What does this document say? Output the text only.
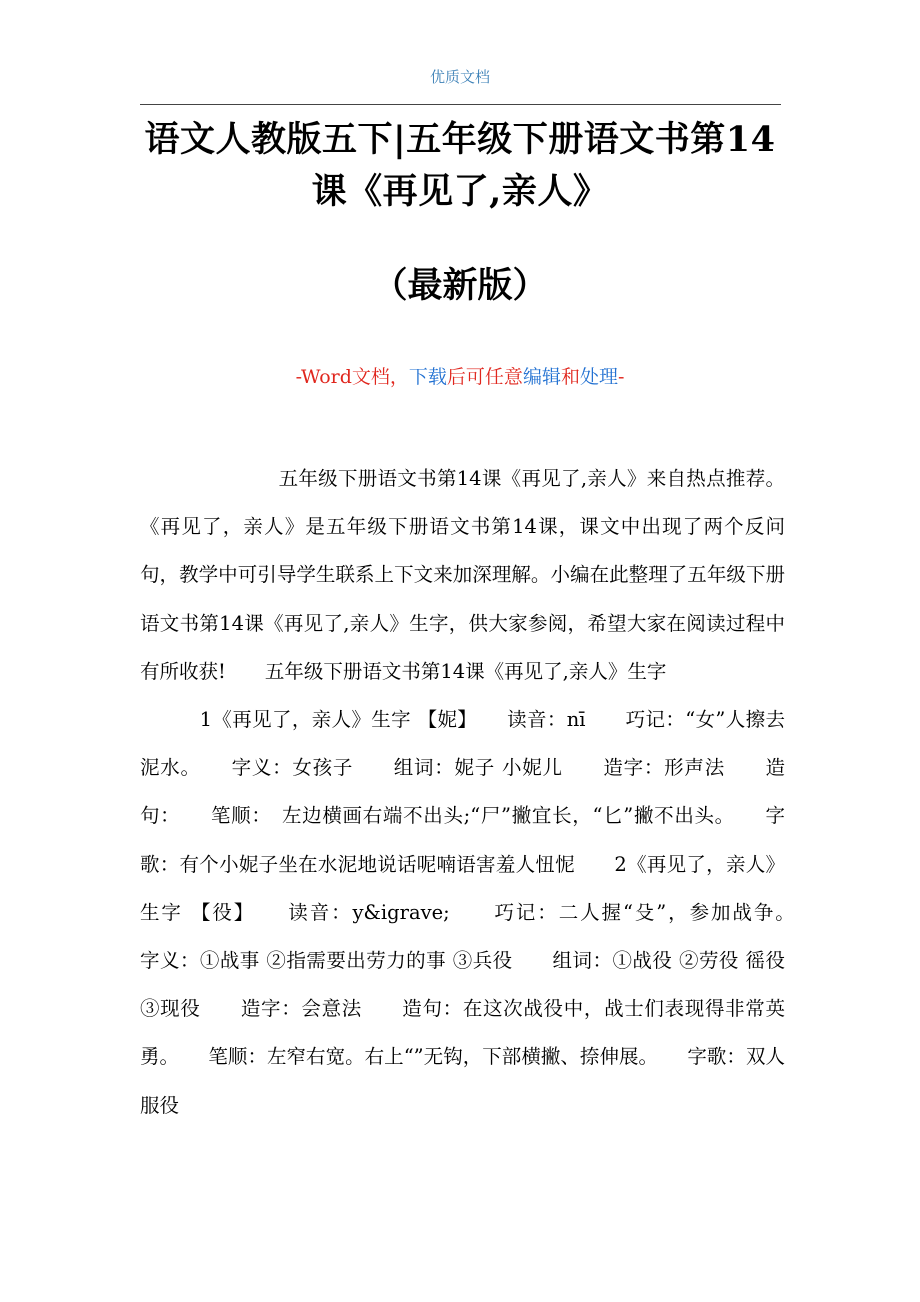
优质文档
语文人教版五下|五年级下册语文书第14
课《再见了,亲人》
（最新版）
-Word文档，下载后可任意编辑和处理-

　　　　　　　五年级下册语文书第14课《再见了,亲人》来自热点推荐。《再见了，亲人》是五年级下册语文书第14课，课文中出现了两个反问句，教学中可引导学生联系上下文来加深理解。小编在此整理了五年级下册语文书第14课《再见了,亲人》生字，供大家参阅，希望大家在阅读过程中有所收获!　　五年级下册语文书第14课《再见了,亲人》生字

　　　1《再见了，亲人》生字 【妮】　　读音：nī　　巧记：“女”人擦去泥水。　　字义：女孩子　　组词：妮子 小妮儿　　造字：形声法　　造句：　　笔顺：　左边横画右端不出头;“尸”撇宜长，“匕”撇不出头。　　字歌：有个小妮子坐在水泥地说话呢喃语害羞人忸怩　　2《再见了，亲人》生字 【役】　　读音：y&igrave;　　巧记：二人握“殳”，参加战争。　　字义：①战事 ②指需要出劳力的事 ③兵役　　组词：①战役 ②劳役 徭役 ③现役　　造字：会意法　　造句：在这次战役中，战士们表现得非常英勇。　　笔顺：左窄右宽。右上“”无钩，下部横撇、捺伸展。　　字歌：双人服役
